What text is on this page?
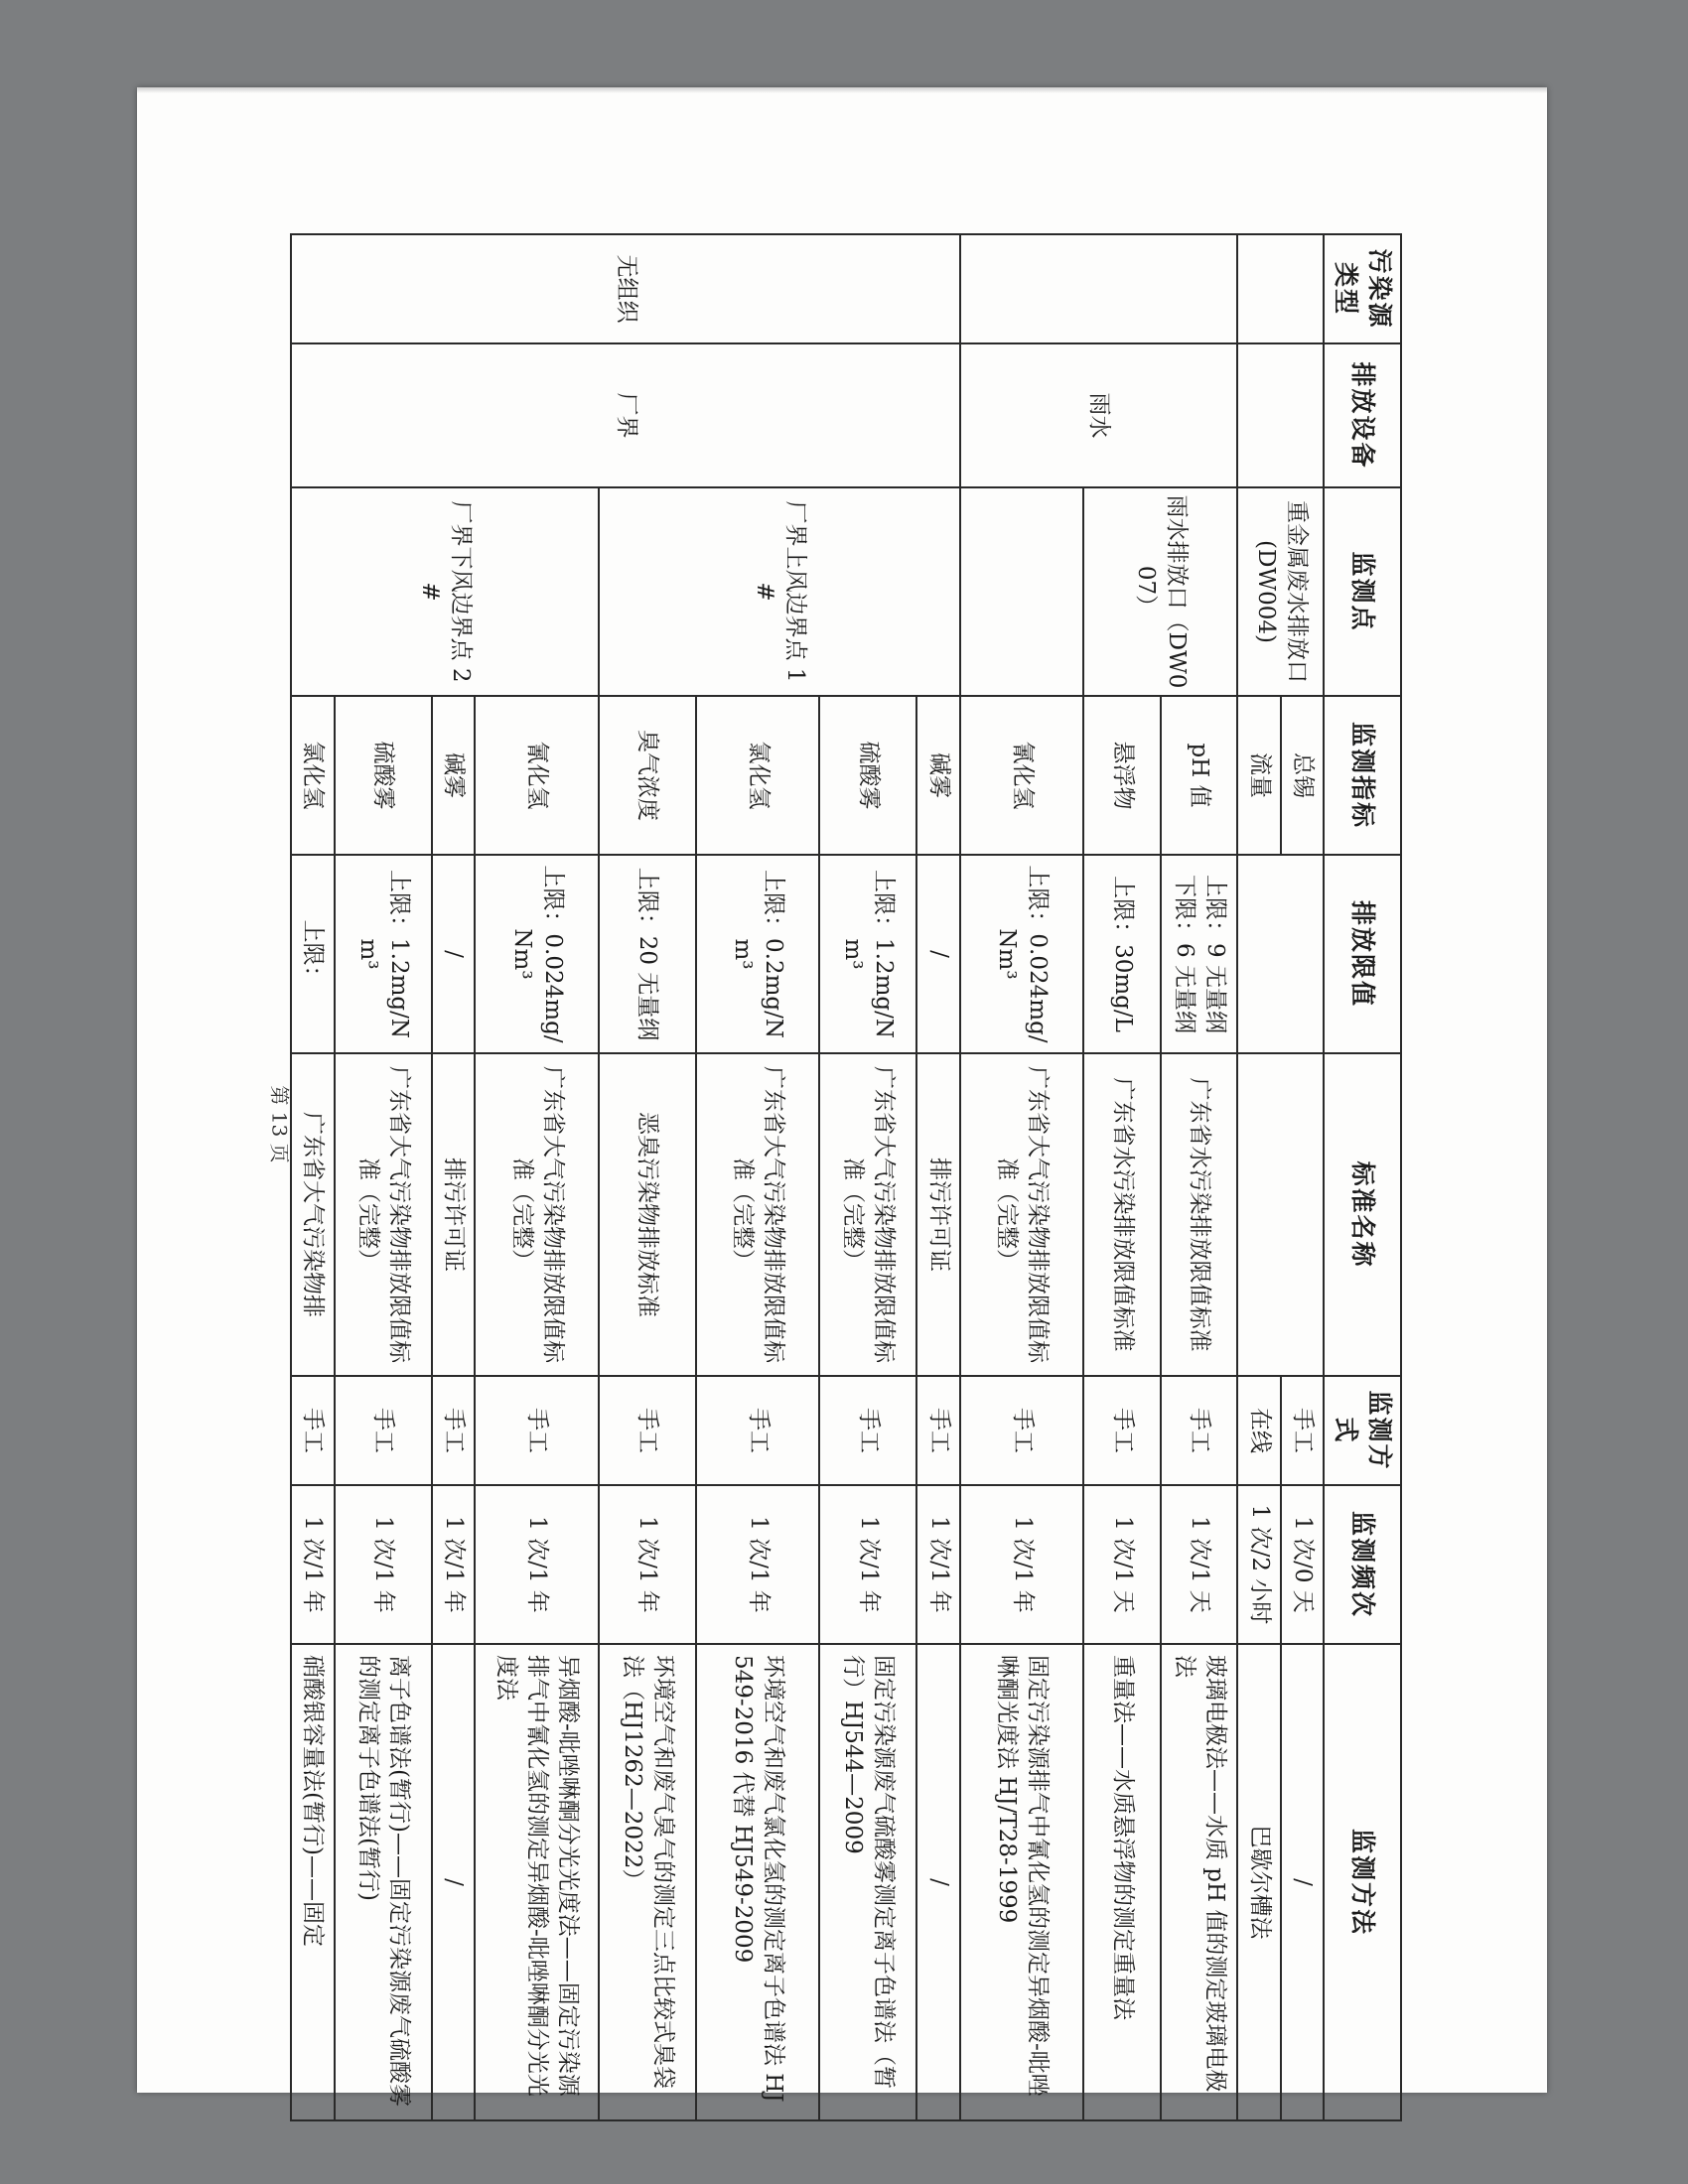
污染源类型	排放设备	监测点	监测指标	排放限值	标准名称	监测方式	监测频次	监测方法
		重金属废水排放口(DW004)	总锡			手工	1 次/0 天	/
			流量			在线	1 次/2 小时	巴歇尔槽法
	雨水	雨水排放口（DW007）	pH 值	上限：9 无量纲 下限：6 无量纲	广东省水污染排放限值标准	手工	1 次/1 天	玻璃电极法——水质 pH 值的测定玻璃电极法
			悬浮物	上限：30mg/L	广东省水污染排放限值标准	手工	1 次/1 天	重量法——水质悬浮物的测定重量法
			氰化氢	上限：0.024mg/Nm³	广东省大气污染物排放限值标准（完整）	手工	1 次/1 年	固定污染源排气中氰化氢的测定异烟酸-吡唑啉酮光度法 HJ/T28-1999
无组织	厂界	厂界上风边界点 1#	碱雾	/	排污许可证	手工	1 次/1 年	/
			硫酸雾	上限：1.2mg/Nm³	广东省大气污染物排放限值标准（完整）	手工	1 次/1 年	固定污染源废气硫酸雾测定离子色谱法（暂行）HJ544—2009
			氯化氢	上限：0.2mg/Nm³	广东省大气污染物排放限值标准（完整）	手工	1 次/1 年	环境空气和废气氯化氢的测定离子色谱法 HJ549-2016 代替 HJ549-2009
			臭气浓度	上限：20 无量纲	恶臭污染物排放标准	手工	1 次/1 年	环境空气和废气臭气的测定三点比较式臭袋法（HJ1262—2022）
		厂界下风边界点 2#	氰化氢	上限：0.024mg/Nm³	广东省大气污染物排放限值标准（完整）	手工	1 次/1 年	异烟酸-吡唑啉酮分光光度法——固定污染源排气中氰化氢的测定异烟酸-吡唑啉酮分光光度法
			碱雾	/	排污许可证	手工	1 次/1 年	/
			硫酸雾	上限：1.2mg/Nm³	广东省大气污染物排放限值标准（完整）	手工	1 次/1 年	离子色谱法(暂行)——固定污染源废气硫酸雾的测定离子色谱法(暂行)
			氯化氢	上限：	广东省大气污染物排	手工	1 次/1 年	硝酸银容量法(暂行)——固定
第 13 页
